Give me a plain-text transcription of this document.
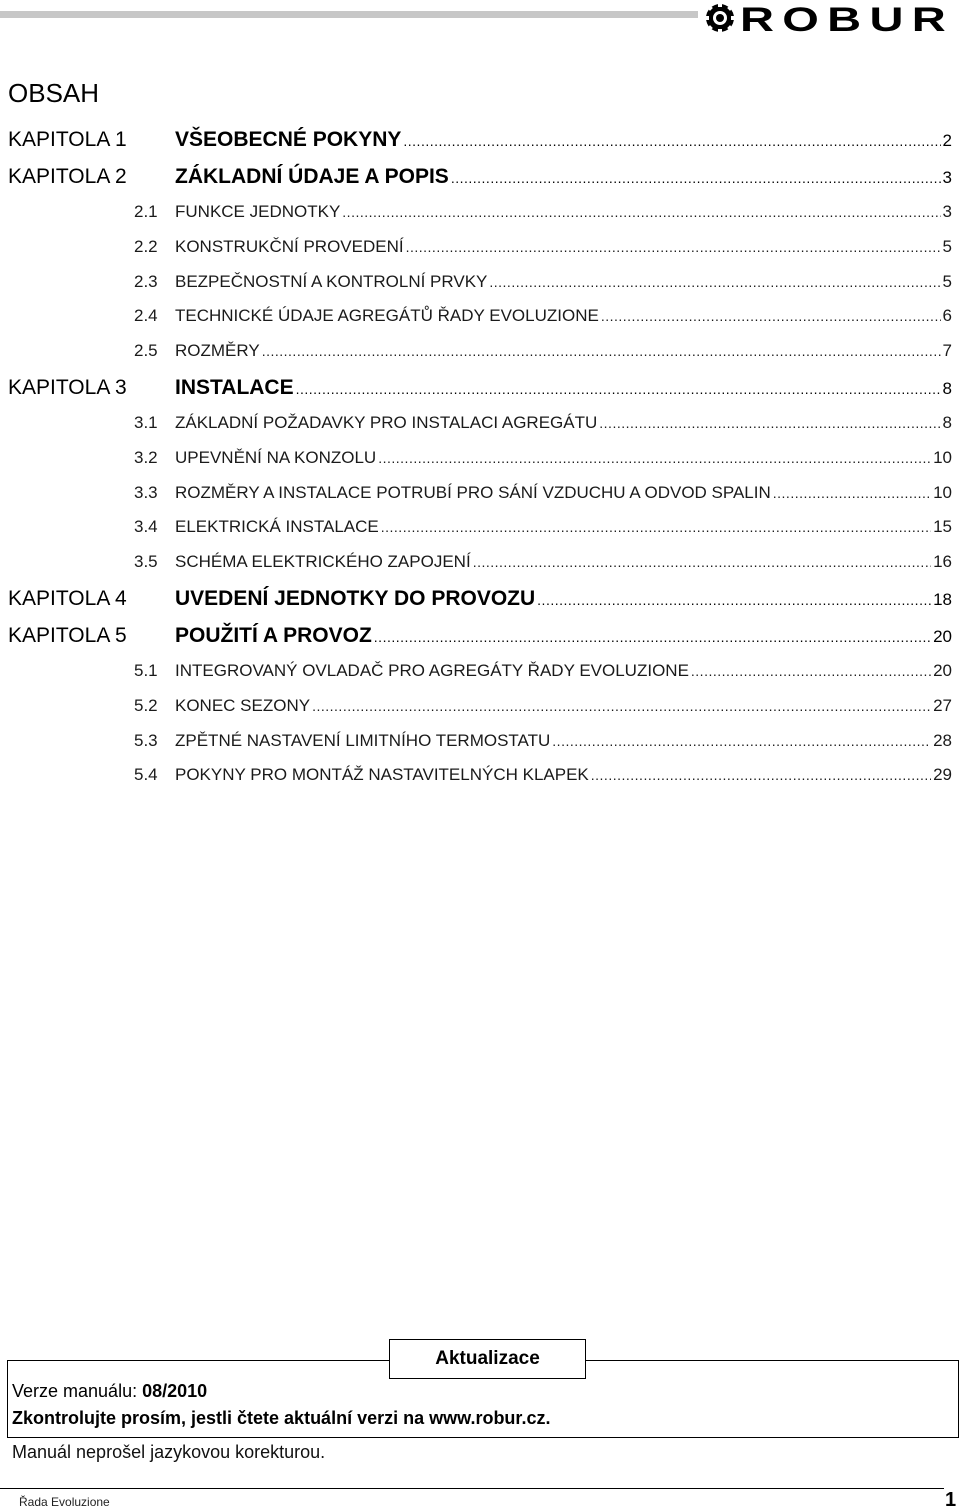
ROBUR
OBSAH
KAPITOLA 1 VŠEOBECNÉ POKYNY .....	2
KAPITOLA 2 ZÁKLADNÍ ÚDAJE A POPIS .....	3
2.1 FUNKCE JEDNOTKY .....	3
2.2 KONSTRUKČNÍ PROVEDENÍ .....	5
2.3 BEZPEČNOSTNÍ A KONTROLNÍ PRVKY .....	5
2.4 TECHNICKÉ ÚDAJE AGREGÁTŮ ŘADY EVOLUZIONE .....	6
2.5 ROZMĚRY .....	7
KAPITOLA 3 INSTALACE .....	8
3.1 ZÁKLADNÍ POŽADAVKY PRO INSTALACI AGREGÁTU .....	8
3.2 UPEVNĚNÍ NA KONZOLU .....	10
3.3 ROZMĚRY A INSTALACE POTRUBÍ PRO SÁNÍ VZDUCHU A ODVOD SPALIN .....	10
3.4 ELEKTRICKÁ INSTALACE .....	15
3.5 SCHÉMA ELEKTRICKÉHO ZAPOJENÍ .....	16
KAPITOLA 4 UVEDENÍ JEDNOTKY DO PROVOZU .....	18
KAPITOLA 5 POUŽITÍ A PROVOZ .....	20
5.1 INTEGROVANÝ OVLADAČ PRO AGREGÁTY ŘADY EVOLUZIONE .....	20
5.2 KONEC SEZONY .....	27
5.3 ZPĚTNÉ NASTAVENÍ LIMITNÍHO TERMOSTATU .....	28
5.4 POKYNY PRO MONTÁŽ NASTAVITELNÝCH KLAPEK .....	29
Aktualizace
Verze manuálu: 08/2010
Zkontrolujte prosím, jestli čtete aktuální verzi na www.robur.cz.
Manuál neprošel jazykovou korekturou.
Řada Evoluzione	1
